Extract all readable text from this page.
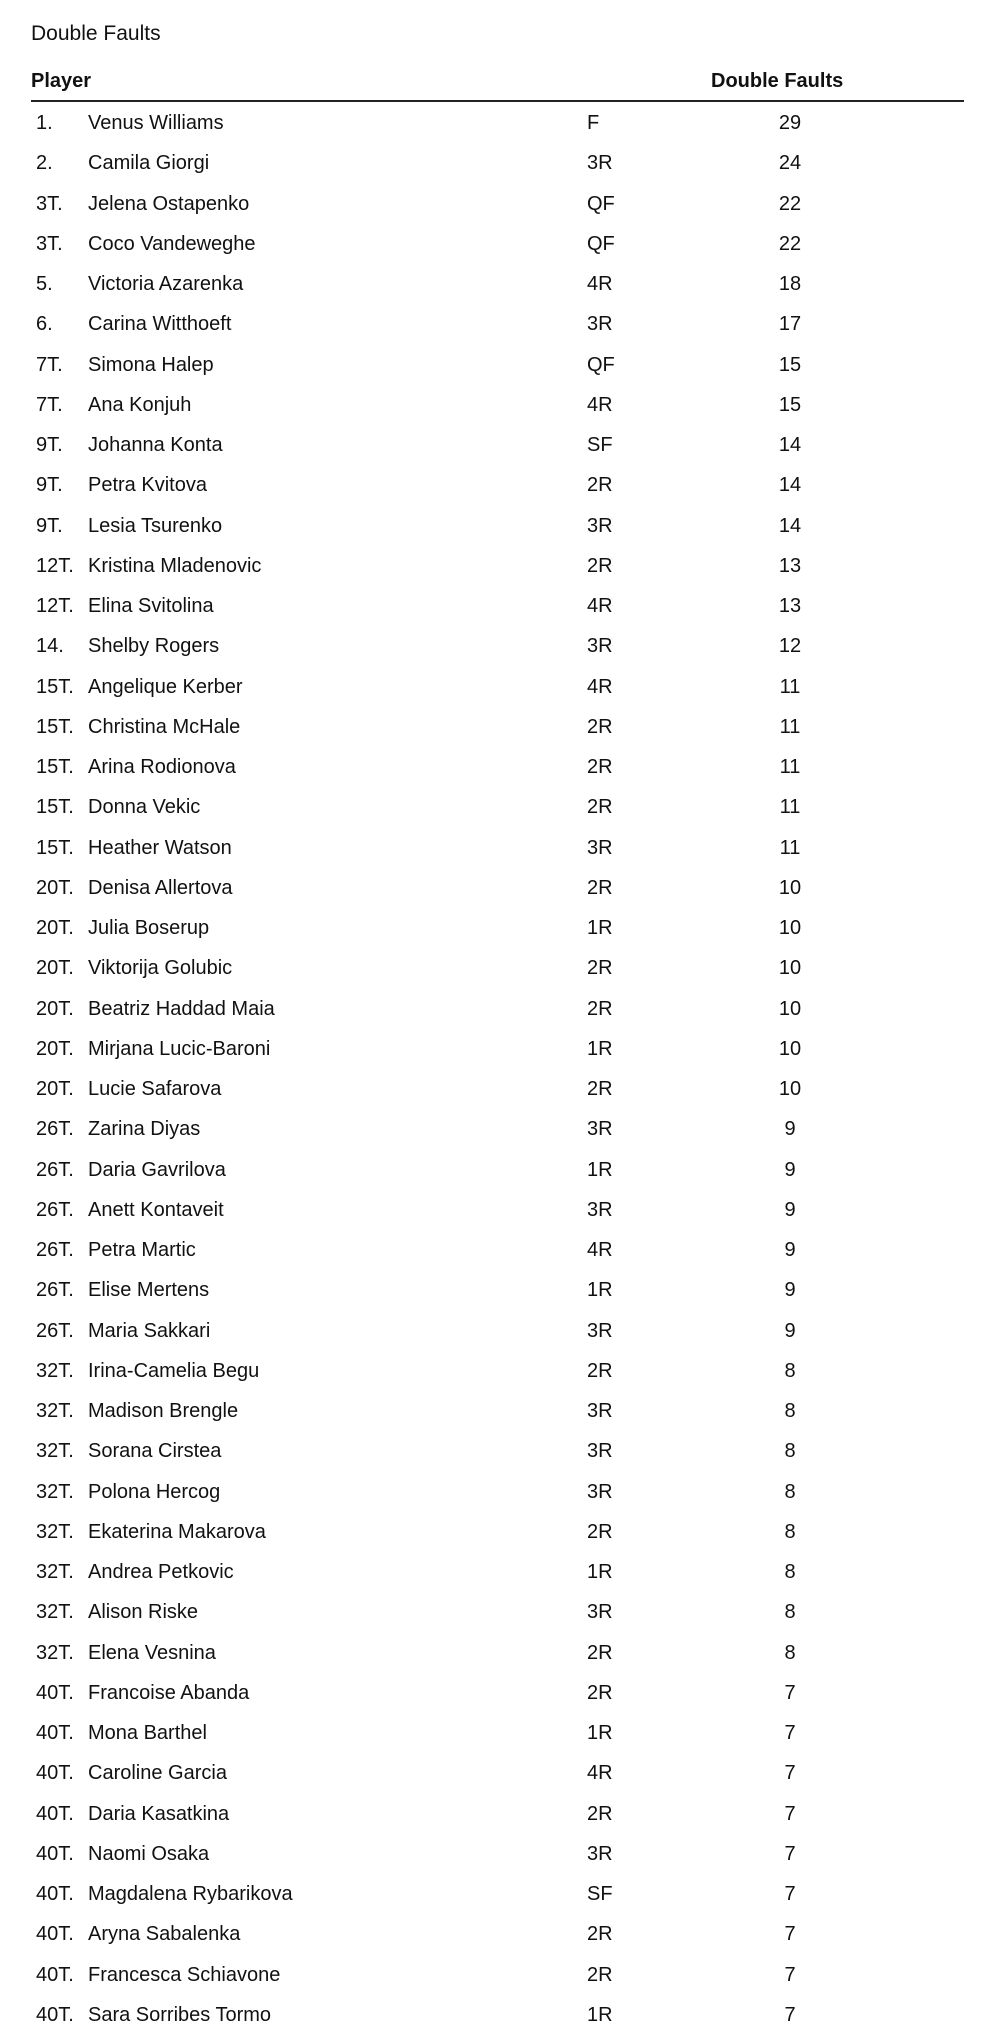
Double Faults
Player	Double Faults
1. Venus Williams	F	29
2. Camila Giorgi	3R	24
3T. Jelena Ostapenko	QF	22
3T. Coco Vandeweghe	QF	22
5. Victoria Azarenka	4R	18
6. Carina Witthoeft	3R	17
7T. Simona Halep	QF	15
7T. Ana Konjuh	4R	15
9T. Johanna Konta	SF	14
9T. Petra Kvitova	2R	14
9T. Lesia Tsurenko	3R	14
12T. Kristina Mladenovic	2R	13
12T. Elina Svitolina	4R	13
14. Shelby Rogers	3R	12
15T. Angelique Kerber	4R	11
15T. Christina McHale	2R	11
15T. Arina Rodionova	2R	11
15T. Donna Vekic	2R	11
15T. Heather Watson	3R	11
20T. Denisa Allertova	2R	10
20T. Julia Boserup	1R	10
20T. Viktorija Golubic	2R	10
20T. Beatriz Haddad Maia	2R	10
20T. Mirjana Lucic-Baroni	1R	10
20T. Lucie Safarova	2R	10
26T. Zarina Diyas	3R	9
26T. Daria Gavrilova	1R	9
26T. Anett Kontaveit	3R	9
26T. Petra Martic	4R	9
26T. Elise Mertens	1R	9
26T. Maria Sakkari	3R	9
32T. Irina-Camelia Begu	2R	8
32T. Madison Brengle	3R	8
32T. Sorana Cirstea	3R	8
32T. Polona Hercog	3R	8
32T. Ekaterina Makarova	2R	8
32T. Andrea Petkovic	1R	8
32T. Alison Riske	3R	8
32T. Elena Vesnina	2R	8
40T. Francoise Abanda	2R	7
40T. Mona Barthel	1R	7
40T. Caroline Garcia	4R	7
40T. Daria Kasatkina	2R	7
40T. Naomi Osaka	3R	7
40T. Magdalena Rybarikova	SF	7
40T. Aryna Sabalenka	2R	7
40T. Francesca Schiavone	2R	7
40T. Sara Sorribes Tormo	1R	7
